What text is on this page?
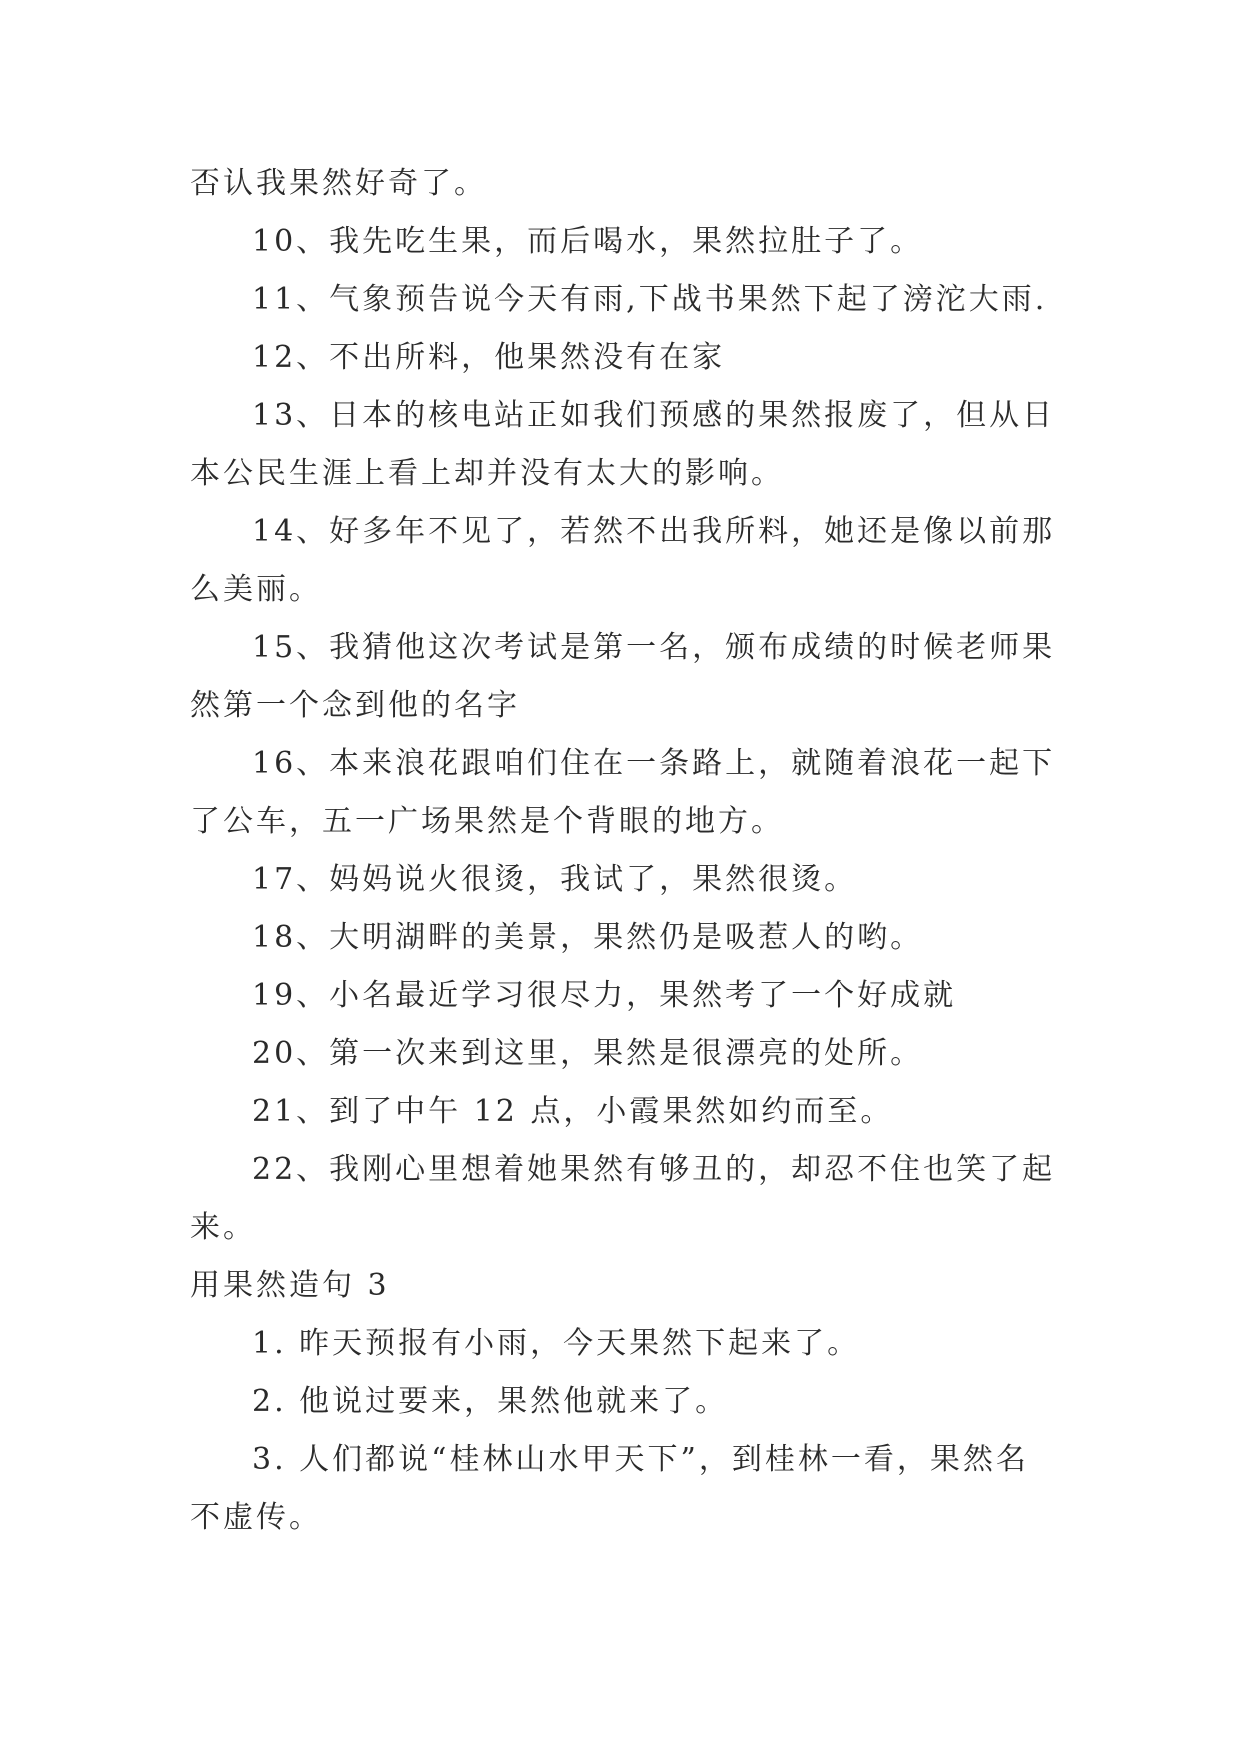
否认我果然好奇了。

10、我先吃生果，而后喝水，果然拉肚子了。

11、气象预告说今天有雨,下战书果然下起了滂沱大雨.

12、不出所料，他果然没有在家

13、日本的核电站正如我们预感的果然报废了，但从日本公民生涯上看上却并没有太大的影响。

14、好多年不见了，若然不出我所料，她还是像以前那么美丽。

15、我猜他这次考试是第一名，颁布成绩的时候老师果然第一个念到他的名字

16、本来浪花跟咱们住在一条路上，就随着浪花一起下了公车，五一广场果然是个背眼的地方。

17、妈妈说火很烫，我试了，果然很烫。

18、大明湖畔的美景，果然仍是吸惹人的哟。

19、小名最近学习很尽力，果然考了一个好成就

20、第一次来到这里，果然是很漂亮的处所。

21、到了中午 12 点，小霞果然如约而至。

22、我刚心里想着她果然有够丑的，却忍不住也笑了起来。

用果然造句 3

1. 昨天预报有小雨，今天果然下起来了。

2. 他说过要来，果然他就来了。

3. 人们都说“桂林山水甲天下”，到桂林一看，果然名不虚传。
